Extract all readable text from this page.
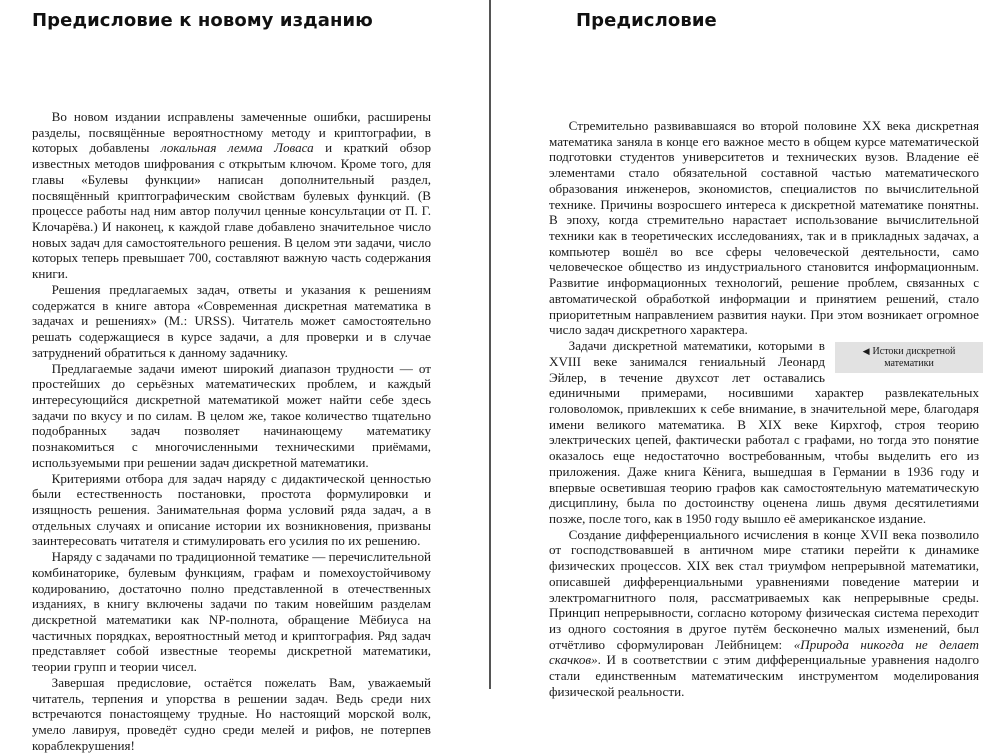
Предисловие к новому изданию

Во новом издании исправлены замеченные ошибки, расширены разделы, посвящённые вероятностному методу и криптографии, в которых добавлены локальная лемма Ловаса и краткий обзор известных методов шифрования с открытым ключом. Кроме того, для главы «Булевы функции» написан дополнительный раздел, посвящённый криптографическим свойствам булевых функций. (В процессе работы над ним автор получил ценные консультации от П. Г. Клочарёва.) И наконец, к каждой главе добавлено значительное число новых задач для самостоятельного решения. В целом эти задачи, число которых теперь превышает 700, составляют важную часть содержания книги.

Решения предлагаемых задач, ответы и указания к решениям содержатся в книге автора «Современная дискретная математика в задачах и решениях» (М.: URSS). Читатель может самостоятельно решать содержащиеся в курсе задачи, а для проверки и в случае затруднений обратиться к данному задачнику.

Предлагаемые задачи имеют широкий диапазон трудности — от простейших до серьёзных математических проблем, и каждый интересующийся дискретной математикой может найти себе здесь задачи по вкусу и по силам. В целом же, такое количество тщательно подобранных задач позволяет начинающему математику познакомиться с многочисленными техническими приёмами, используемыми при решении задач дискретной математики.

Критериями отбора для задач наряду с дидактической ценностью были естественность постановки, простота формулировки и изящность решения. Занимательная форма условий ряда задач, а в отдельных случаях и описание истории их возникновения, призваны заинтересовать читателя и стимулировать его усилия по их решению.

Наряду с задачами по традиционной тематике — перечислительной комбинаторике, булевым функциям, графам и помехоустойчивому кодированию, достаточно полно представленной в отечественных изданиях, в книгу включены задачи по таким новейшим разделам дискретной математики как NP-полнота, обращение Мёбиуса на частичных порядках, вероятностный метод и криптография. Ряд задач представляет собой известные теоремы дискретной математики, теории групп и теории чисел.

Завершая предисловие, остаётся пожелать Вам, уважаемый читатель, терпения и упорства в решении задач. Ведь среди них встречаются понастоящему трудные. Но настоящий морской волк, умело лавируя, проведёт судно среди мелей и рифов, не потерпев кораблекрушения!

Предисловие

Стремительно развивавшаяся во второй половине XX века дискретная математика заняла в конце его важное место в общем курсе математической подготовки студентов университетов и технических вузов. Владение её элементами стало обязательной составной частью математического образования инженеров, экономистов, специалистов по вычислительной технике. Причины возросшего интереса к дискретной математике понятны. В эпоху, когда стремительно нарастает использование вычислительной техники как в теоретических исследованиях, так и в прикладных задачах, а компьютер вошёл во все сферы человеческой деятельности, само человеческое общество из индустриального становится информационным. Развитие информационных технологий, решение проблем, связанных с автоматической обработкой информации и принятием решений, стало приоритетным направлением развития науки. При этом возникает огромное число задач дискретного характера.

◀ Истоки дискретной математики
Задачи дискретной математики, которыми в XVIII веке занимался гениальный Леонард Эйлер, в течение двухсот лет оставались единичными примерами, носившими характер развлекательных головоломок, привлекших к себе внимание, в значительной мере, благодаря имени великого математика. В XIX веке Кирхгоф, строя теорию электрических цепей, фактически работал с графами, но тогда это понятие оказалось еще недостаточно востребованным, чтобы выделить его из приложения. Даже книга Кёнига, вышедшая в Германии в 1936 году и впервые осветившая теорию графов как самостоятельную математическую дисциплину, была по достоинству оценена лишь двумя десятилетиями позже, после того, как в 1950 году вышло её американское издание.

Создание дифференциального исчисления в конце XVII века позволило от господствовавшей в античном мире статики перейти к динамике физических процессов. XIX век стал триумфом непрерывной математики, описавшей дифференциальными уравнениями поведение материи и электромагнитного поля, рассматриваемых как непрерывные среды. Принцип непрерывности, согласно которому физическая система переходит из одного состояния в другое путём бесконечно малых изменений, был отчётливо сформулирован Лейбницем: «Природа никогда не делает скачков». И в соответствии с этим дифференциальные уравнения надолго стали единственным математическим инструментом моделирования физической реальности.
